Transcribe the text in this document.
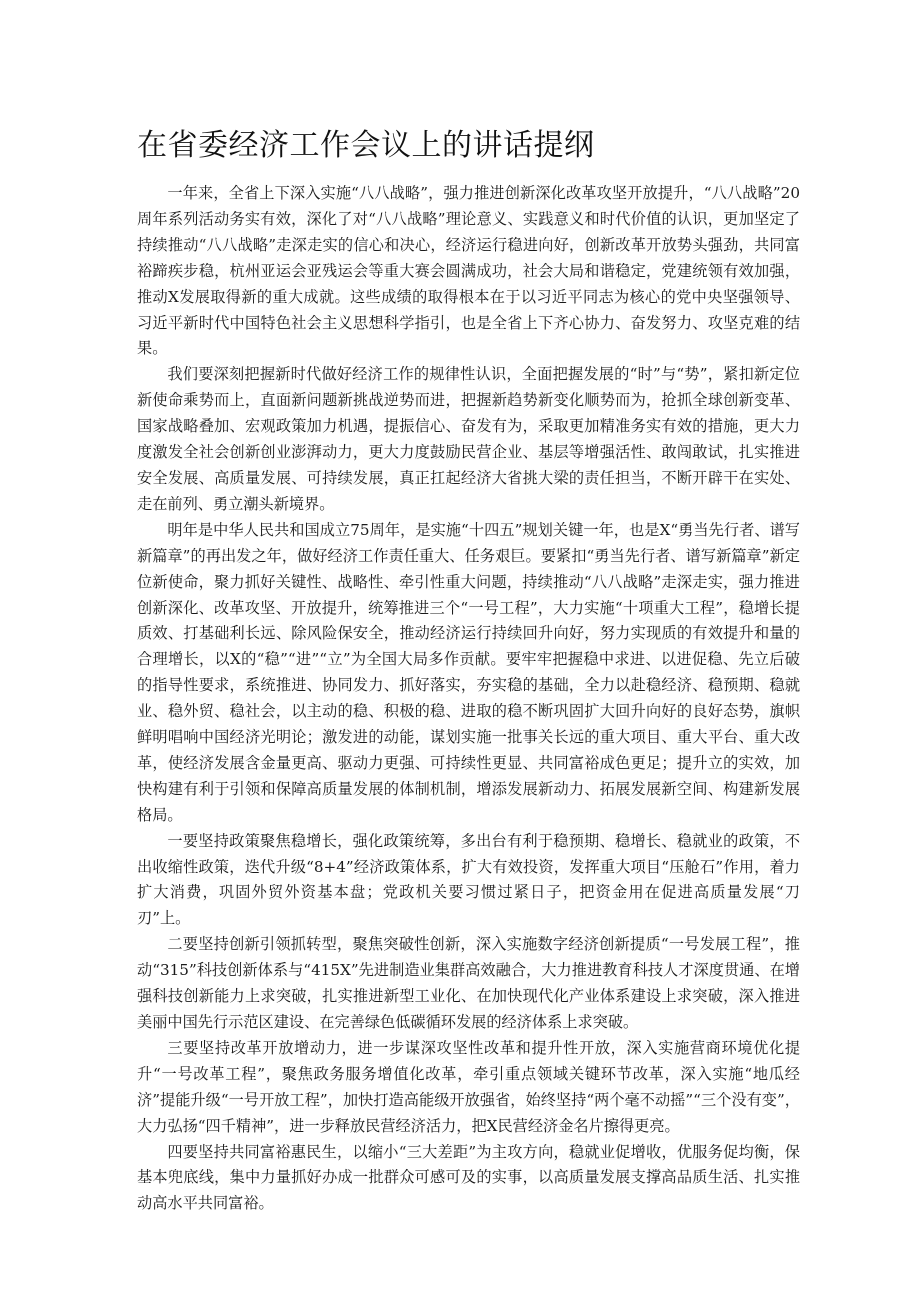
在省委经济工作会议上的讲话提纲

一年来，全省上下深入实施“八八战略”，强力推进创新深化改革攻坚开放提升，“八八战略”20周年系列活动务实有效，深化了对“八八战略”理论意义、实践意义和时代价值的认识，更加坚定了持续推动“八八战略”走深走实的信心和决心，经济运行稳进向好，创新改革开放势头强劲，共同富裕蹄疾步稳，杭州亚运会亚残运会等重大赛会圆满成功，社会大局和谐稳定，党建统领有效加强，推动X发展取得新的重大成就。这些成绩的取得根本在于以习近平同志为核心的党中央坚强领导、习近平新时代中国特色社会主义思想科学指引，也是全省上下齐心协力、奋发努力、攻坚克难的结果。

我们要深刻把握新时代做好经济工作的规律性认识，全面把握发展的“时”与“势”，紧扣新定位新使命乘势而上，直面新问题新挑战逆势而进，把握新趋势新变化顺势而为，抢抓全球创新变革、国家战略叠加、宏观政策加力机遇，提振信心、奋发有为，采取更加精准务实有效的措施，更大力度激发全社会创新创业澎湃动力，更大力度鼓励民营企业、基层等增强活性、敢闯敢试，扎实推进安全发展、高质量发展、可持续发展，真正扛起经济大省挑大梁的责任担当，不断开辟干在实处、走在前列、勇立潮头新境界。

明年是中华人民共和国成立75周年，是实施“十四五”规划关键一年，也是X“勇当先行者、谱写新篇章”的再出发之年，做好经济工作责任重大、任务艰巨。要紧扣“勇当先行者、谱写新篇章”新定位新使命，聚力抓好关键性、战略性、牵引性重大问题，持续推动“八八战略”走深走实，强力推进创新深化、改革攻坚、开放提升，统筹推进三个“一号工程”，大力实施“十项重大工程”，稳增长提质效、打基础利长远、除风险保安全，推动经济运行持续回升向好，努力实现质的有效提升和量的合理增长，以X的“稳”“进”“立”为全国大局多作贡献。要牢牢把握稳中求进、以进促稳、先立后破的指导性要求，系统推进、协同发力、抓好落实，夯实稳的基础，全力以赴稳经济、稳预期、稳就业、稳外贸、稳社会，以主动的稳、积极的稳、进取的稳不断巩固扩大回升向好的良好态势，旗帜鲜明唱响中国经济光明论；激发进的动能，谋划实施一批事关长远的重大项目、重大平台、重大改革，使经济发展含金量更高、驱动力更强、可持续性更显、共同富裕成色更足；提升立的实效，加快构建有利于引领和保障高质量发展的体制机制，增添发展新动力、拓展发展新空间、构建新发展格局。

一要坚持政策聚焦稳增长，强化政策统筹，多出台有利于稳预期、稳增长、稳就业的政策，不出收缩性政策，迭代升级“8+4”经济政策体系，扩大有效投资，发挥重大项目“压舱石”作用，着力扩大消费，巩固外贸外资基本盘；党政机关要习惯过紧日子，把资金用在促进高质量发展“刀刃”上。

二要坚持创新引领抓转型，聚焦突破性创新，深入实施数字经济创新提质“一号发展工程”，推动“315”科技创新体系与“415X”先进制造业集群高效融合，大力推进教育科技人才深度贯通、在增强科技创新能力上求突破，扎实推进新型工业化、在加快现代化产业体系建设上求突破，深入推进美丽中国先行示范区建设、在完善绿色低碳循环发展的经济体系上求突破。

三要坚持改革开放增动力，进一步谋深攻坚性改革和提升性开放，深入实施营商环境优化提升“一号改革工程”，聚焦政务服务增值化改革，牵引重点领域关键环节改革，深入实施“地瓜经济”提能升级“一号开放工程”，加快打造高能级开放强省，始终坚持“两个毫不动摇”“三个没有变”，大力弘扬“四千精神”，进一步释放民营经济活力，把X民营经济金名片擦得更亮。

四要坚持共同富裕惠民生，以缩小“三大差距”为主攻方向，稳就业促增收，优服务促均衡，保基本兜底线，集中力量抓好办成一批群众可感可及的实事，以高质量发展支撑高品质生活、扎实推动高水平共同富裕。
